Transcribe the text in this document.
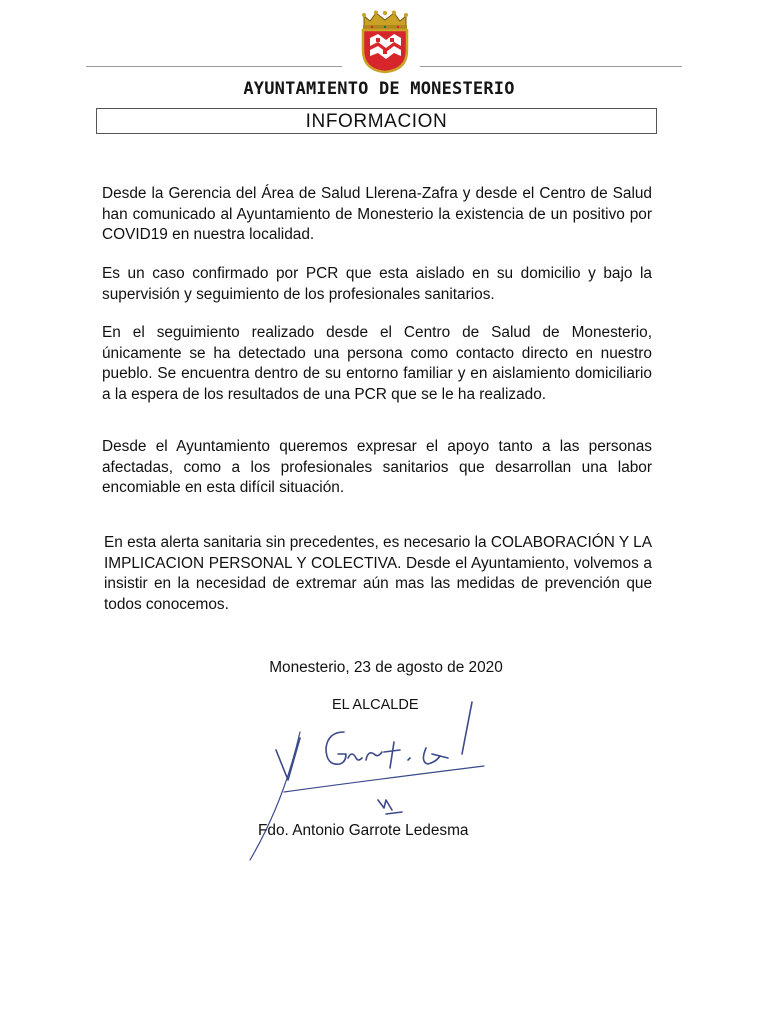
AYUNTAMIENTO DE MONESTERIO
INFORMACION

Desde la Gerencia del Área de Salud Llerena-Zafra y desde el Centro de Salud han comunicado al Ayuntamiento de Monesterio la existencia de un positivo por COVID19 en nuestra localidad.

Es un caso confirmado por PCR que esta aislado en su domicilio y bajo la supervisión y seguimiento de los profesionales sanitarios.

En el seguimiento realizado desde el Centro de Salud de Monesterio, únicamente se ha detectado una persona como contacto directo en nuestro pueblo. Se encuentra dentro de su entorno familiar y en aislamiento domiciliario a la espera de los resultados de una PCR que se le ha realizado.

Desde el Ayuntamiento queremos expresar el apoyo tanto a las personas afectadas, como a los profesionales sanitarios que desarrollan una labor encomiable en esta difícil situación.

En esta alerta sanitaria sin precedentes, es necesario la COLABORACIÓN Y LA IMPLICACION PERSONAL Y COLECTIVA. Desde el Ayuntamiento, volvemos a insistir en la necesidad de extremar aún mas las medidas de prevención que todos conocemos.

Monesterio, 23 de agosto de 2020
EL ALCALDE
Fdo. Antonio Garrote Ledesma
